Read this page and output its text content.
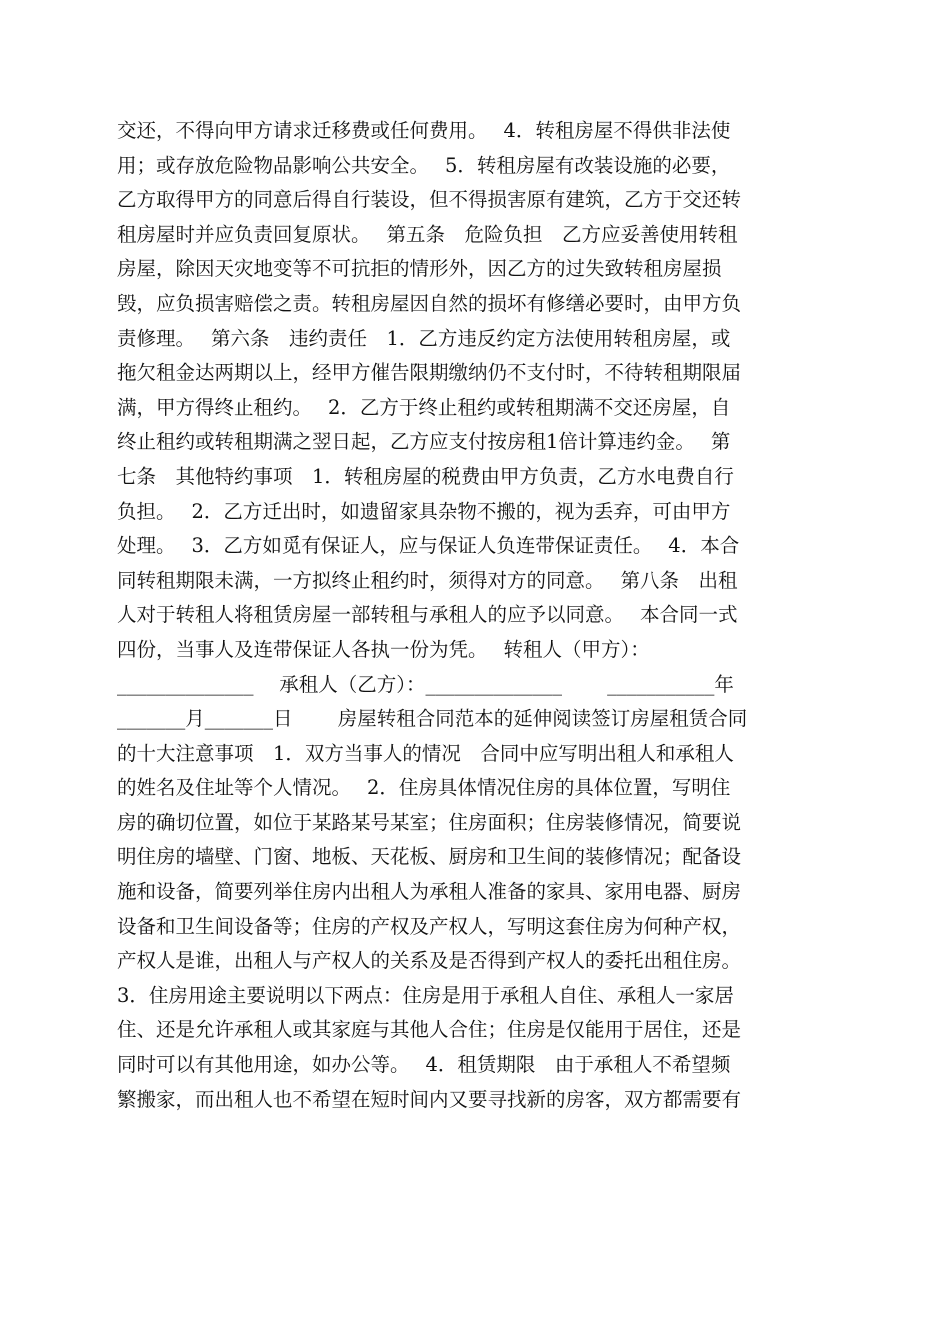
交还，不得向甲方请求迁移费或任何费用。　 4．转租房屋不得供非法使
用；或存放危险物品影响公共安全。　 5．转租房屋有改装设施的必要，
乙方取得甲方的同意后得自行装设，但不得损害原有建筑，乙方于交还转
租房屋时并应负责回复原状。　 第五条　危险负担　乙方应妥善使用转租
房屋，除因天灾地变等不可抗拒的情形外，因乙方的过失致转租房屋损
毁，应负损害赔偿之责。转租房屋因自然的损坏有修缮必要时，由甲方负
责修理。　 第六条　违约责任　1．乙方违反约定方法使用转租房屋，或
拖欠租金达两期以上，经甲方催告限期缴纳仍不支付时，不待转租期限届
满，甲方得终止租约。　 2．乙方于终止租约或转租期满不交还房屋，自
终止租约或转租期满之翌日起，乙方应支付按房租1倍计算违约金。　 第
七条　其他特约事项　1．转租房屋的税费由甲方负责，乙方水电费自行
负担。　 2．乙方迁出时，如遗留家具杂物不搬的，视为丢弃，可由甲方
处理。　 3．乙方如觅有保证人，应与保证人负连带保证责任。　 4．本合
同转租期限未满，一方拟终止租约时，须得对方的同意。　 第八条　出租
人对于转租人将租赁房屋一部转租与承租人的应予以同意。　 本合同一式
四份，当事人及连带保证人各执一份为凭。　 转租人（甲方）：
______________　 承租人（乙方）：______________　　 ___________年
_______月_______日　　 房屋转租合同范本的延伸阅读签订房屋租赁合同
的十大注意事项　1．双方当事人的情况　合同中应写明出租人和承租人
的姓名及住址等个人情况。　 2．住房具体情况住房的具体位置，写明住
房的确切位置，如位于某路某号某室；住房面积；住房装修情况，简要说
明住房的墙壁、门窗、地板、天花板、厨房和卫生间的装修情况；配备设
施和设备，简要列举住房内出租人为承租人准备的家具、家用电器、厨房
设备和卫生间设备等；住房的产权及产权人，写明这套住房为何种产权，
产权人是谁，出租人与产权人的关系及是否得到产权人的委托出租住房。
3．住房用途主要说明以下两点：住房是用于承租人自住、承租人一家居
住、还是允许承租人或其家庭与其他人合住；住房是仅能用于居住，还是
同时可以有其他用途，如办公等。　 4．租赁期限　由于承租人不希望频
繁搬家，而出租人也不希望在短时间内又要寻找新的房客，双方都需要有
